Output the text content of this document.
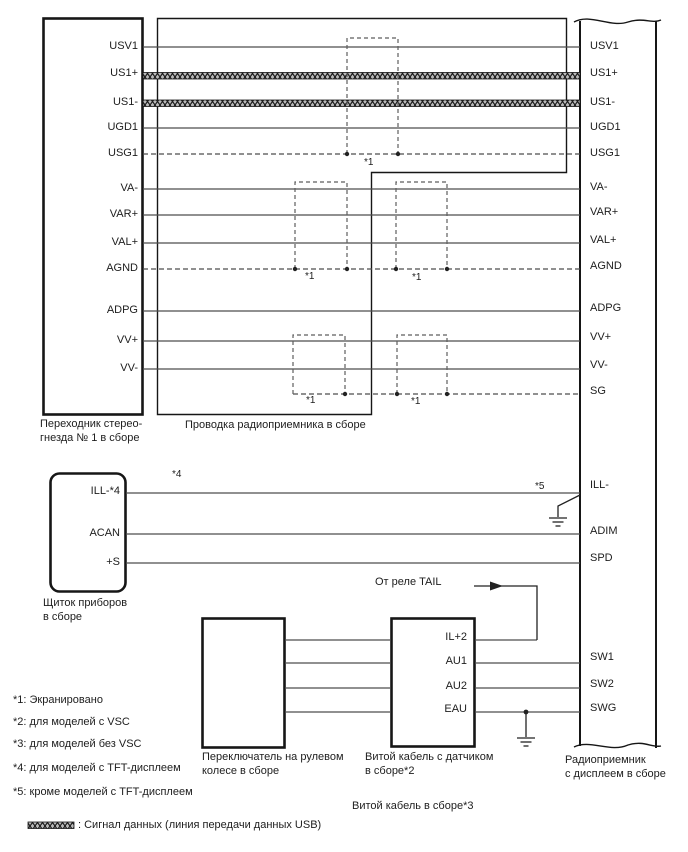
USV1
US1+
US1-
UGD1
USG1
VA-
VAR+
VAL+
AGND
ADPG
VV+
VV-
USV1
US1+
US1-
UGD1
USG1
VA-
VAR+
VAL+
AGND
ADPG
VV+
VV-
SG
ILL-
ADIM
SPD
SW1
SW2
SWG
ILL-*4
ACAN
+S
IL+2
AU1
AU2
EAU
Переходник стерео-
гнезда № 1 в сборе
Проводка радиоприемника в сборе
Щиток приборов
в сборе
Переключатель на рулевом
колесе в сборе
Витой кабель с датчиком
в сборе*2
Витой кабель в сборе*3
Радиоприемник
с дисплеем в сборе
*1
*1	*1
*1	*1
*4
*5
От реле TAIL
*1: Экранировано
*2: для моделей с VSC
*3: для моделей без VSC
*4: для моделей с TFT-дисплеем
*5: кроме моделей с TFT-дисплеем
: Сигнал данных (линия передачи данных USB)
